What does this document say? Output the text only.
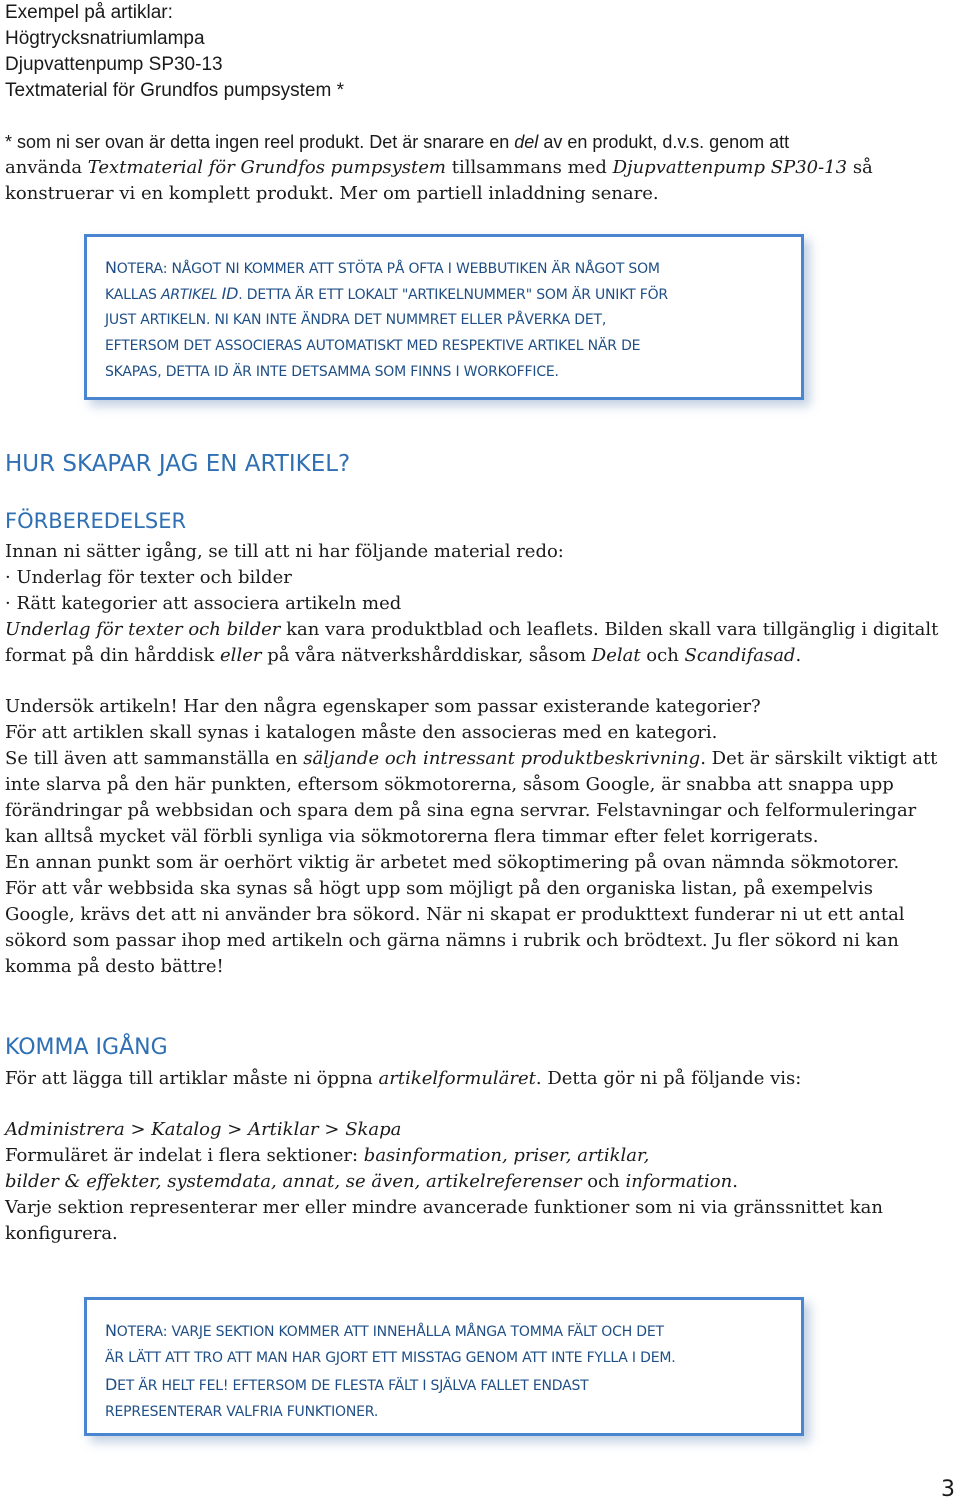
Exempel på artiklar:
Högtrycksnatriumlampa
Djupvattenpump SP30-13
Textmaterial för Grundfos pumpsystem *
* som ni ser ovan är detta ingen reel produkt. Det är snarare en del av en produkt, d.v.s. genom att
använda Textmaterial för Grundfos pumpsystem tillsammans med Djupvattenpump SP30-13 så
konstruerar vi en komplett produkt. Mer om partiell inladdning senare.
NOTERA: NÅGOT NI KOMMER ATT STÖTA PÅ OFTA I WEBBUTIKEN ÄR NÅGOT SOM
KALLAS ARTIKEL ID. DETTA ÄR ETT LOKALT "ARTIKELNUMMER" SOM ÄR UNIKT FÖR
JUST ARTIKELN. NI KAN INTE ÄNDRA DET NUMMRET ELLER PÅVERKA DET,
EFTERSOM DET ASSOCIERAS AUTOMATISKT MED RESPEKTIVE ARTIKEL NÄR DE
SKAPAS, DETTA ID ÄR INTE DETSAMMA SOM FINNS I WORKOFFICE.
HUR SKAPAR JAG EN ARTIKEL?
FÖRBEREDELSER
Innan ni sätter igång, se till att ni har följande material redo:
· Underlag för texter och bilder
· Rätt kategorier att associera artikeln med
Underlag för texter och bilder kan vara produktblad och leaflets. Bilden skall vara tillgänglig i digitalt
format på din hårddisk eller på våra nätverkshårddiskar, såsom Delat och Scandifasad.
Undersök artikeln! Har den några egenskaper som passar existerande kategorier?
För att artiklen skall synas i katalogen måste den associeras med en kategori.
Se till även att sammanställa en säljande och intressant produktbeskrivning. Det är särskilt viktigt att
inte slarva på den här punkten, eftersom sökmotorerna, såsom Google, är snabba att snappa upp
förändringar på webbsidan och spara dem på sina egna servrar. Felstavningar och felformuleringar
kan alltså mycket väl förbli synliga via sökmotorerna flera timmar efter felet korrigerats.
En annan punkt som är oerhört viktig är arbetet med sökoptimering på ovan nämnda sökmotorer.
För att vår webbsida ska synas så högt upp som möjligt på den organiska listan, på exempelvis
Google, krävs det att ni använder bra sökord. När ni skapat er produkttext funderar ni ut ett antal
sökord som passar ihop med artikeln och gärna nämns i rubrik och brödtext. Ju fler sökord ni kan
komma på desto bättre!
KOMMA IGÅNG
För att lägga till artiklar måste ni öppna artikelformuläret. Detta gör ni på följande vis:
Administrera > Katalog > Artiklar > Skapa
Formuläret är indelat i flera sektioner: basinformation, priser, artiklar,
bilder & effekter, systemdata, annat, se även, artikelreferenser och information.
Varje sektion representerar mer eller mindre avancerade funktioner som ni via gränssnittet kan
konfigurera.
NOTERA: VARJE SEKTION KOMMER ATT INNEHÅLLA MÅNGA TOMMA FÄLT OCH DET
ÄR LÄTT ATT TRO ATT MAN HAR GJORT ETT MISSTAG GENOM ATT INTE FYLLA I DEM.
DET ÄR HELT FEL! EFTERSOM DE FLESTA FÄLT I SJÄLVA FALLET ENDAST
REPRESENTERAR VALFRIA FUNKTIONER.
3
